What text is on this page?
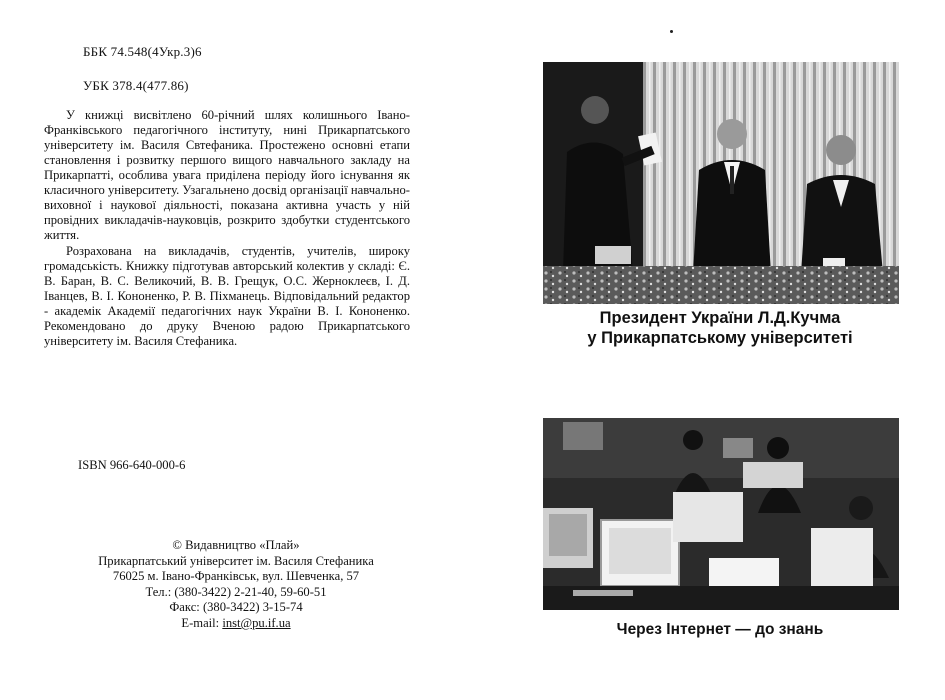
ББК 74.548(4Укр.3)6
УБК 378.4(477.86)

У книжці висвітлено 60-річний шлях колишнього Івано-Франківського педагогічного інституту, нині Прикарпатського університету ім. Василя Свтефаника. Простежено основні етапи становлення і розвитку першого вищого навчального закладу на Прикарпатті, особлива увага приділена періоду його існування як класичного університету. Узагальнено досвід організації навчально-виховної і наукової діяльності, показана активна участь у ній провідних викладачів-науковців, розкрито здобутки студентського життя.

Розрахована на викладачів, студентів, учителів, широку громадськість. Книжку підготував авторський колектив у складі: Є. В. Баран, В. С. Великочий, В. В. Грещук, О.С. Жерноклеєв, І. Д. Іванцев, В. І. Кононенко, Р. В. Піхманець. Відповідальний редактор - академік Академії педагогічних наук України В. І. Кононенко. Рекомендовано до друку Вченою радою Прикарпатського університету ім. Василя Стефаника.

ISBN 966-640-000-6
© Видавництво «Плай»
Прикарпатський університет ім. Василя Стефаника
76025 м. Івано-Франківськ, вул. Шевченка, 57
Тел.: (380-3422) 2-21-40, 59-60-51
Факс: (380-3422) 3-15-74
E-mail: inst@pu.if.ua
Президент України Л.Д.Кучма
у Прикарпатському університеті
Через Інтернет — до знань
